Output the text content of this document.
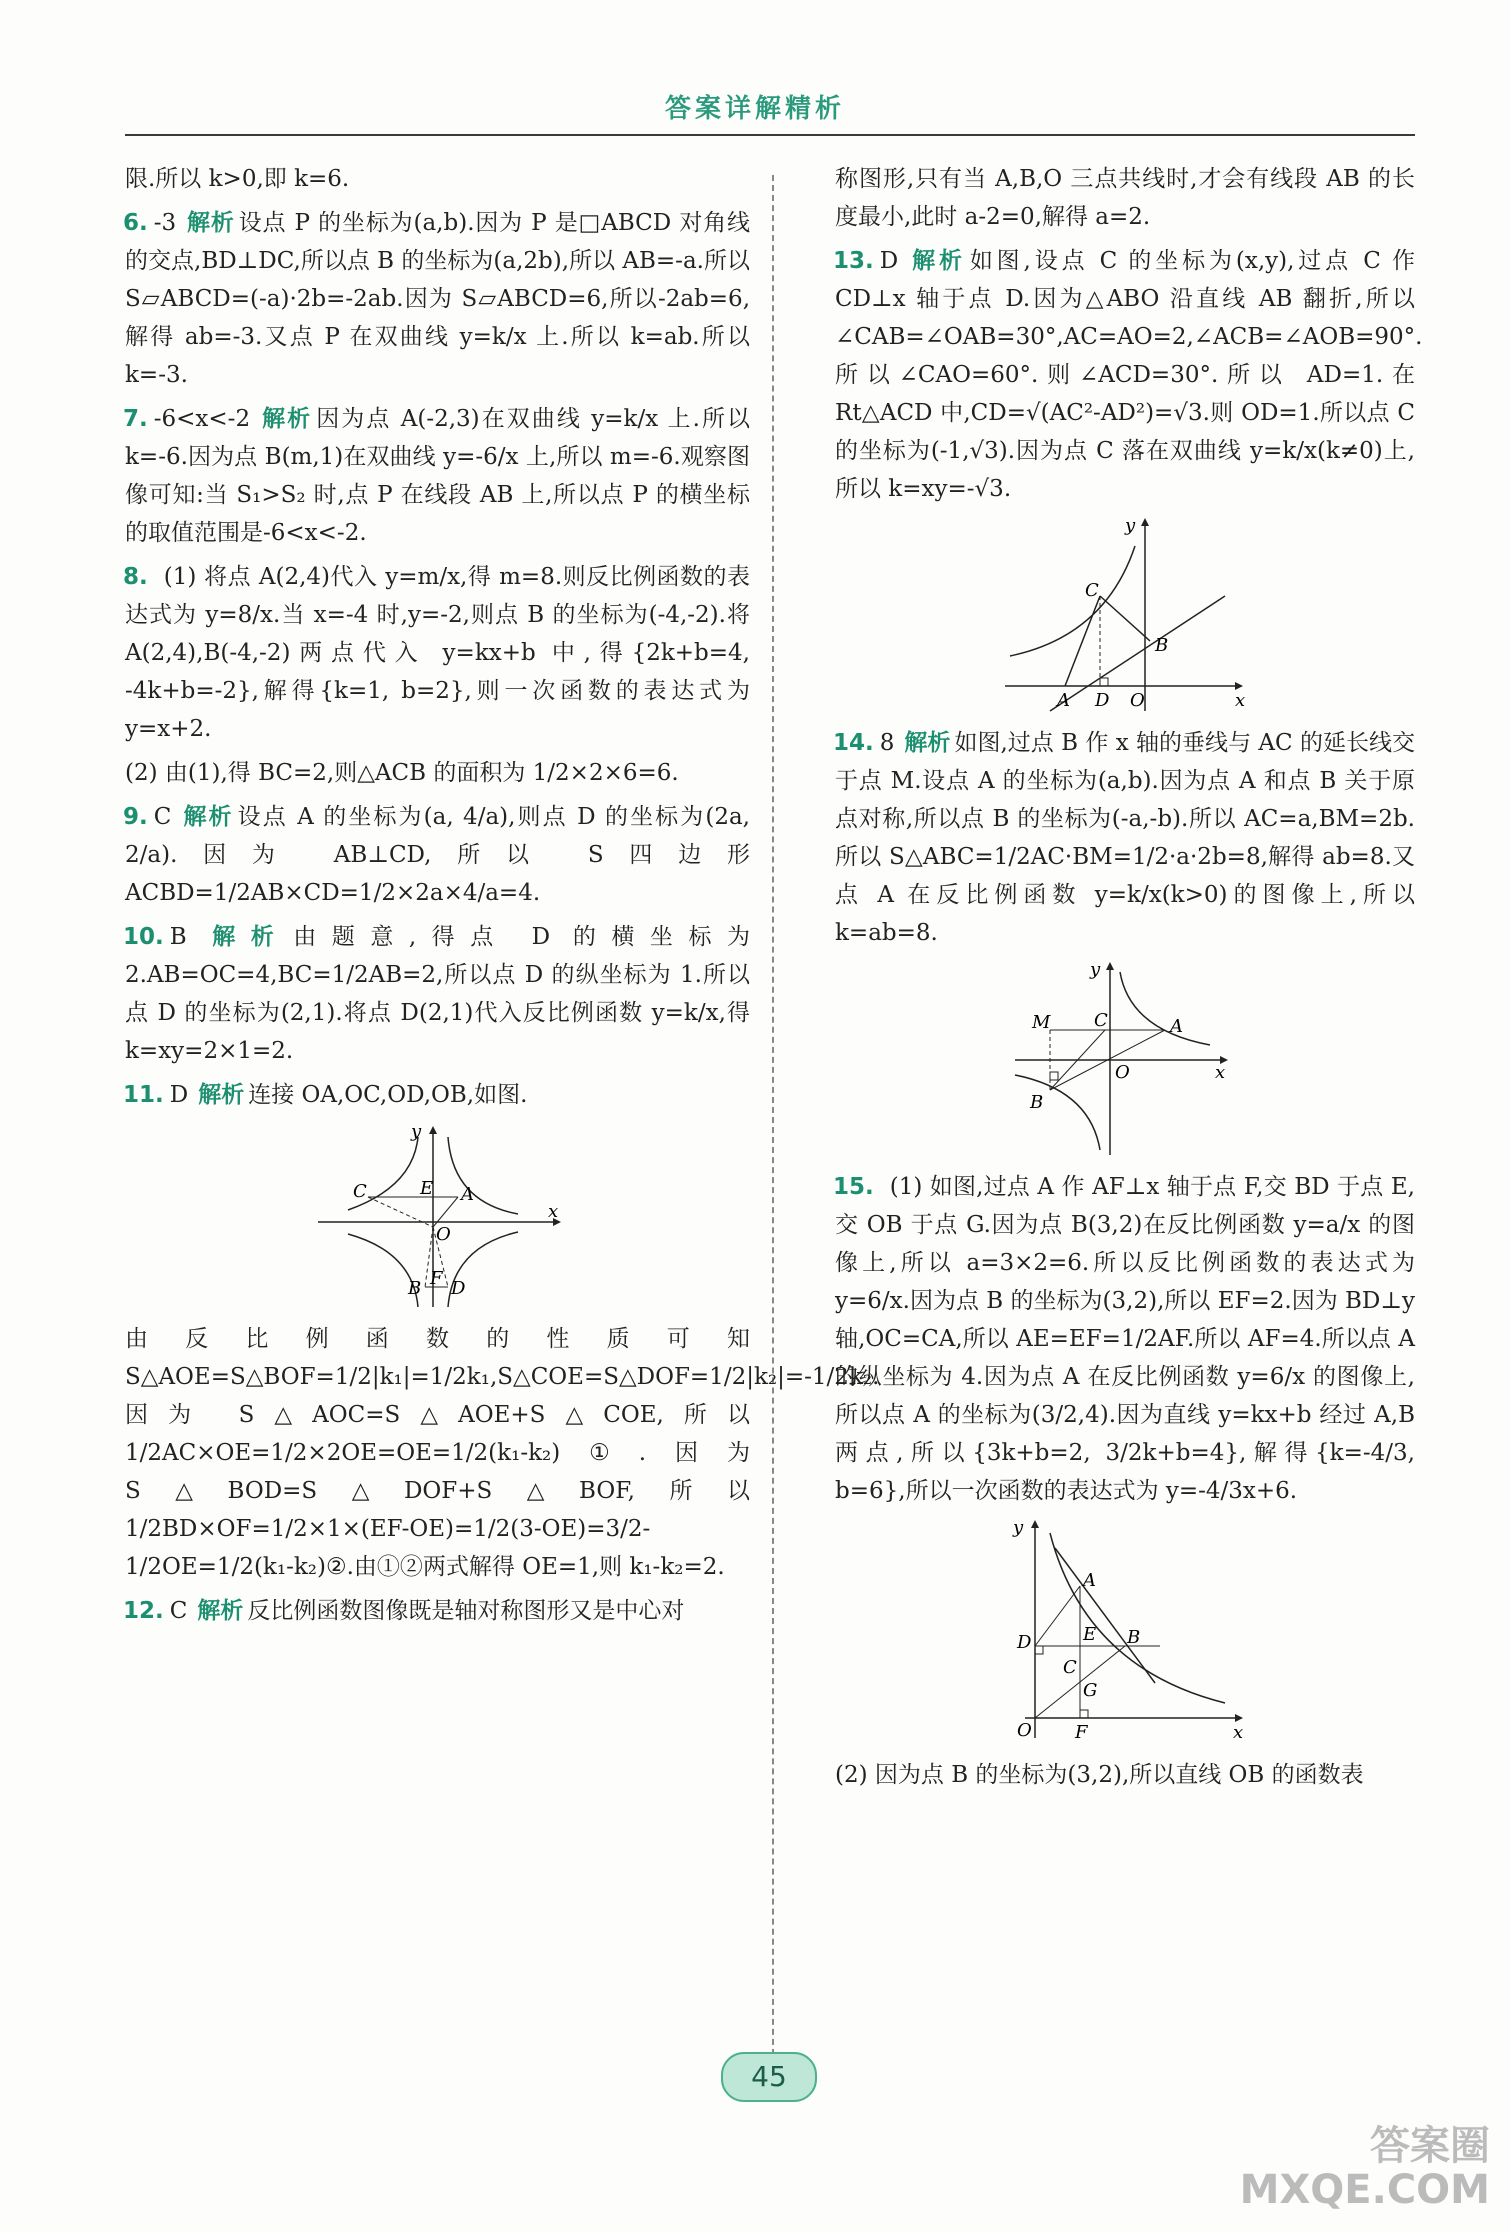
答案详解精析

限.所以 k>0,即 k=6.

6. -3 解析 设点 P 的坐标为(a,b).因为 P 是□ABCD 对角线的交点,BD⊥DC,所以点 B 的坐标为(a,2b),所以 AB=-a.所以 S▱ABCD=(-a)·2b=-2ab.因为 S▱ABCD=6,所以-2ab=6,解得 ab=-3.又点 P 在双曲线 y=k/x 上.所以 k=ab.所以 k=-3.

7. -6<x<-2 解析 因为点 A(-2,3)在双曲线 y=k/x 上.所以 k=-6.因为点 B(m,1)在双曲线 y=-6/x 上,所以 m=-6.观察图像可知:当 S₁>S₂ 时,点 P 在线段 AB 上,所以点 P 的横坐标的取值范围是-6<x<-2.

8. (1) 将点 A(2,4)代入 y=m/x,得 m=8.则反比例函数的表达式为 y=8/x.当 x=-4 时,y=-2,则点 B 的坐标为(-4,-2).将 A(2,4),B(-4,-2)两点代入 y=kx+b 中,得{2k+b=4, -4k+b=-2},解得{k=1, b=2},则一次函数的表达式为 y=x+2.

(2) 由(1),得 BC=2,则△ACB 的面积为 1/2×2×6=6.

9. C 解析 设点 A 的坐标为(a, 4/a),则点 D 的坐标为(2a, 2/a).因为 AB⊥CD,所以 S四边形ACBD=1/2AB×CD=1/2×2a×4/a=4.

10. B 解析 由题意,得点 D 的横坐标为 2.AB=OC=4,BC=1/2AB=2,所以点 D 的纵坐标为 1.所以点 D 的坐标为(2,1).将点 D(2,1)代入反比例函数 y=k/x,得 k=xy=2×1=2.

11. D 解析 连接 OA,OC,OD,OB,如图.

y
x
C	E A
O
B F D

由反比例函数的性质可知 S△AOE=S△BOF=1/2|k₁|=1/2k₁,S△COE=S△DOF=1/2|k₂|=-1/2k₂.因为 S△AOC=S△AOE+S△COE,所以 1/2AC×OE=1/2×2OE=OE=1/2(k₁-k₂)①.因为 S△BOD=S△DOF+S△BOF,所以 1/2BD×OF=1/2×1×(EF-OE)=1/2(3-OE)=3/2-1/2OE=1/2(k₁-k₂)②.由①②两式解得 OE=1,则 k₁-k₂=2.

12. C 解析 反比例函数图像既是轴对称图形又是中心对

称图形,只有当 A,B,O 三点共线时,才会有线段 AB 的长度最小,此时 a-2=0,解得 a=2.

13. D 解析 如图,设点 C 的坐标为(x,y),过点 C 作 CD⊥x 轴于点 D.因为△ABO 沿直线 AB 翻折,所以∠CAB=∠OAB=30°,AC=AO=2,∠ACB=∠AOB=90°.所以∠CAO=60°.则∠ACD=30°.所以 AD=1.在 Rt△ACD 中,CD=√(AC²-AD²)=√3.则 OD=1.所以点 C 的坐标为(-1,√3).因为点 C 落在双曲线 y=k/x(k≠0)上,所以 k=xy=-√3.

y
C
B
A D O	x

14. 8 解析 如图,过点 B 作 x 轴的垂线与 AC 的延长线交于点 M.设点 A 的坐标为(a,b).因为点 A 和点 B 关于原点对称,所以点 B 的坐标为(-a,-b).所以 AC=a,BM=2b.所以 S△ABC=1/2AC·BM=1/2·a·2b=8,解得 ab=8.又点 A 在反比例函数 y=k/x(k>0)的图像上,所以 k=ab=8.

y
M C	A
O	x
B

15. (1) 如图,过点 A 作 AF⊥x 轴于点 F,交 BD 于点 E,交 OB 于点 G.因为点 B(3,2)在反比例函数 y=a/x 的图像上,所以 a=3×2=6.所以反比例函数的表达式为 y=6/x.因为点 B 的坐标为(3,2),所以 EF=2.因为 BD⊥y 轴,OC=CA,所以 AE=EF=1/2AF.所以 AF=4.所以点 A 的纵坐标为 4.因为点 A 在反比例函数 y=6/x 的图像上,所以点 A 的坐标为(3/2,4).因为直线 y=kx+b 经过 A,B 两点,所以{3k+b=2, 3/2k+b=4},解得{k=-4/3, b=6},所以一次函数的表达式为 y=-4/3x+6.

y
A
D	E B
C
G
O F	x

(2) 因为点 B 的坐标为(3,2),所以直线 OB 的函数表

45
答案圈
MXQE.COM
